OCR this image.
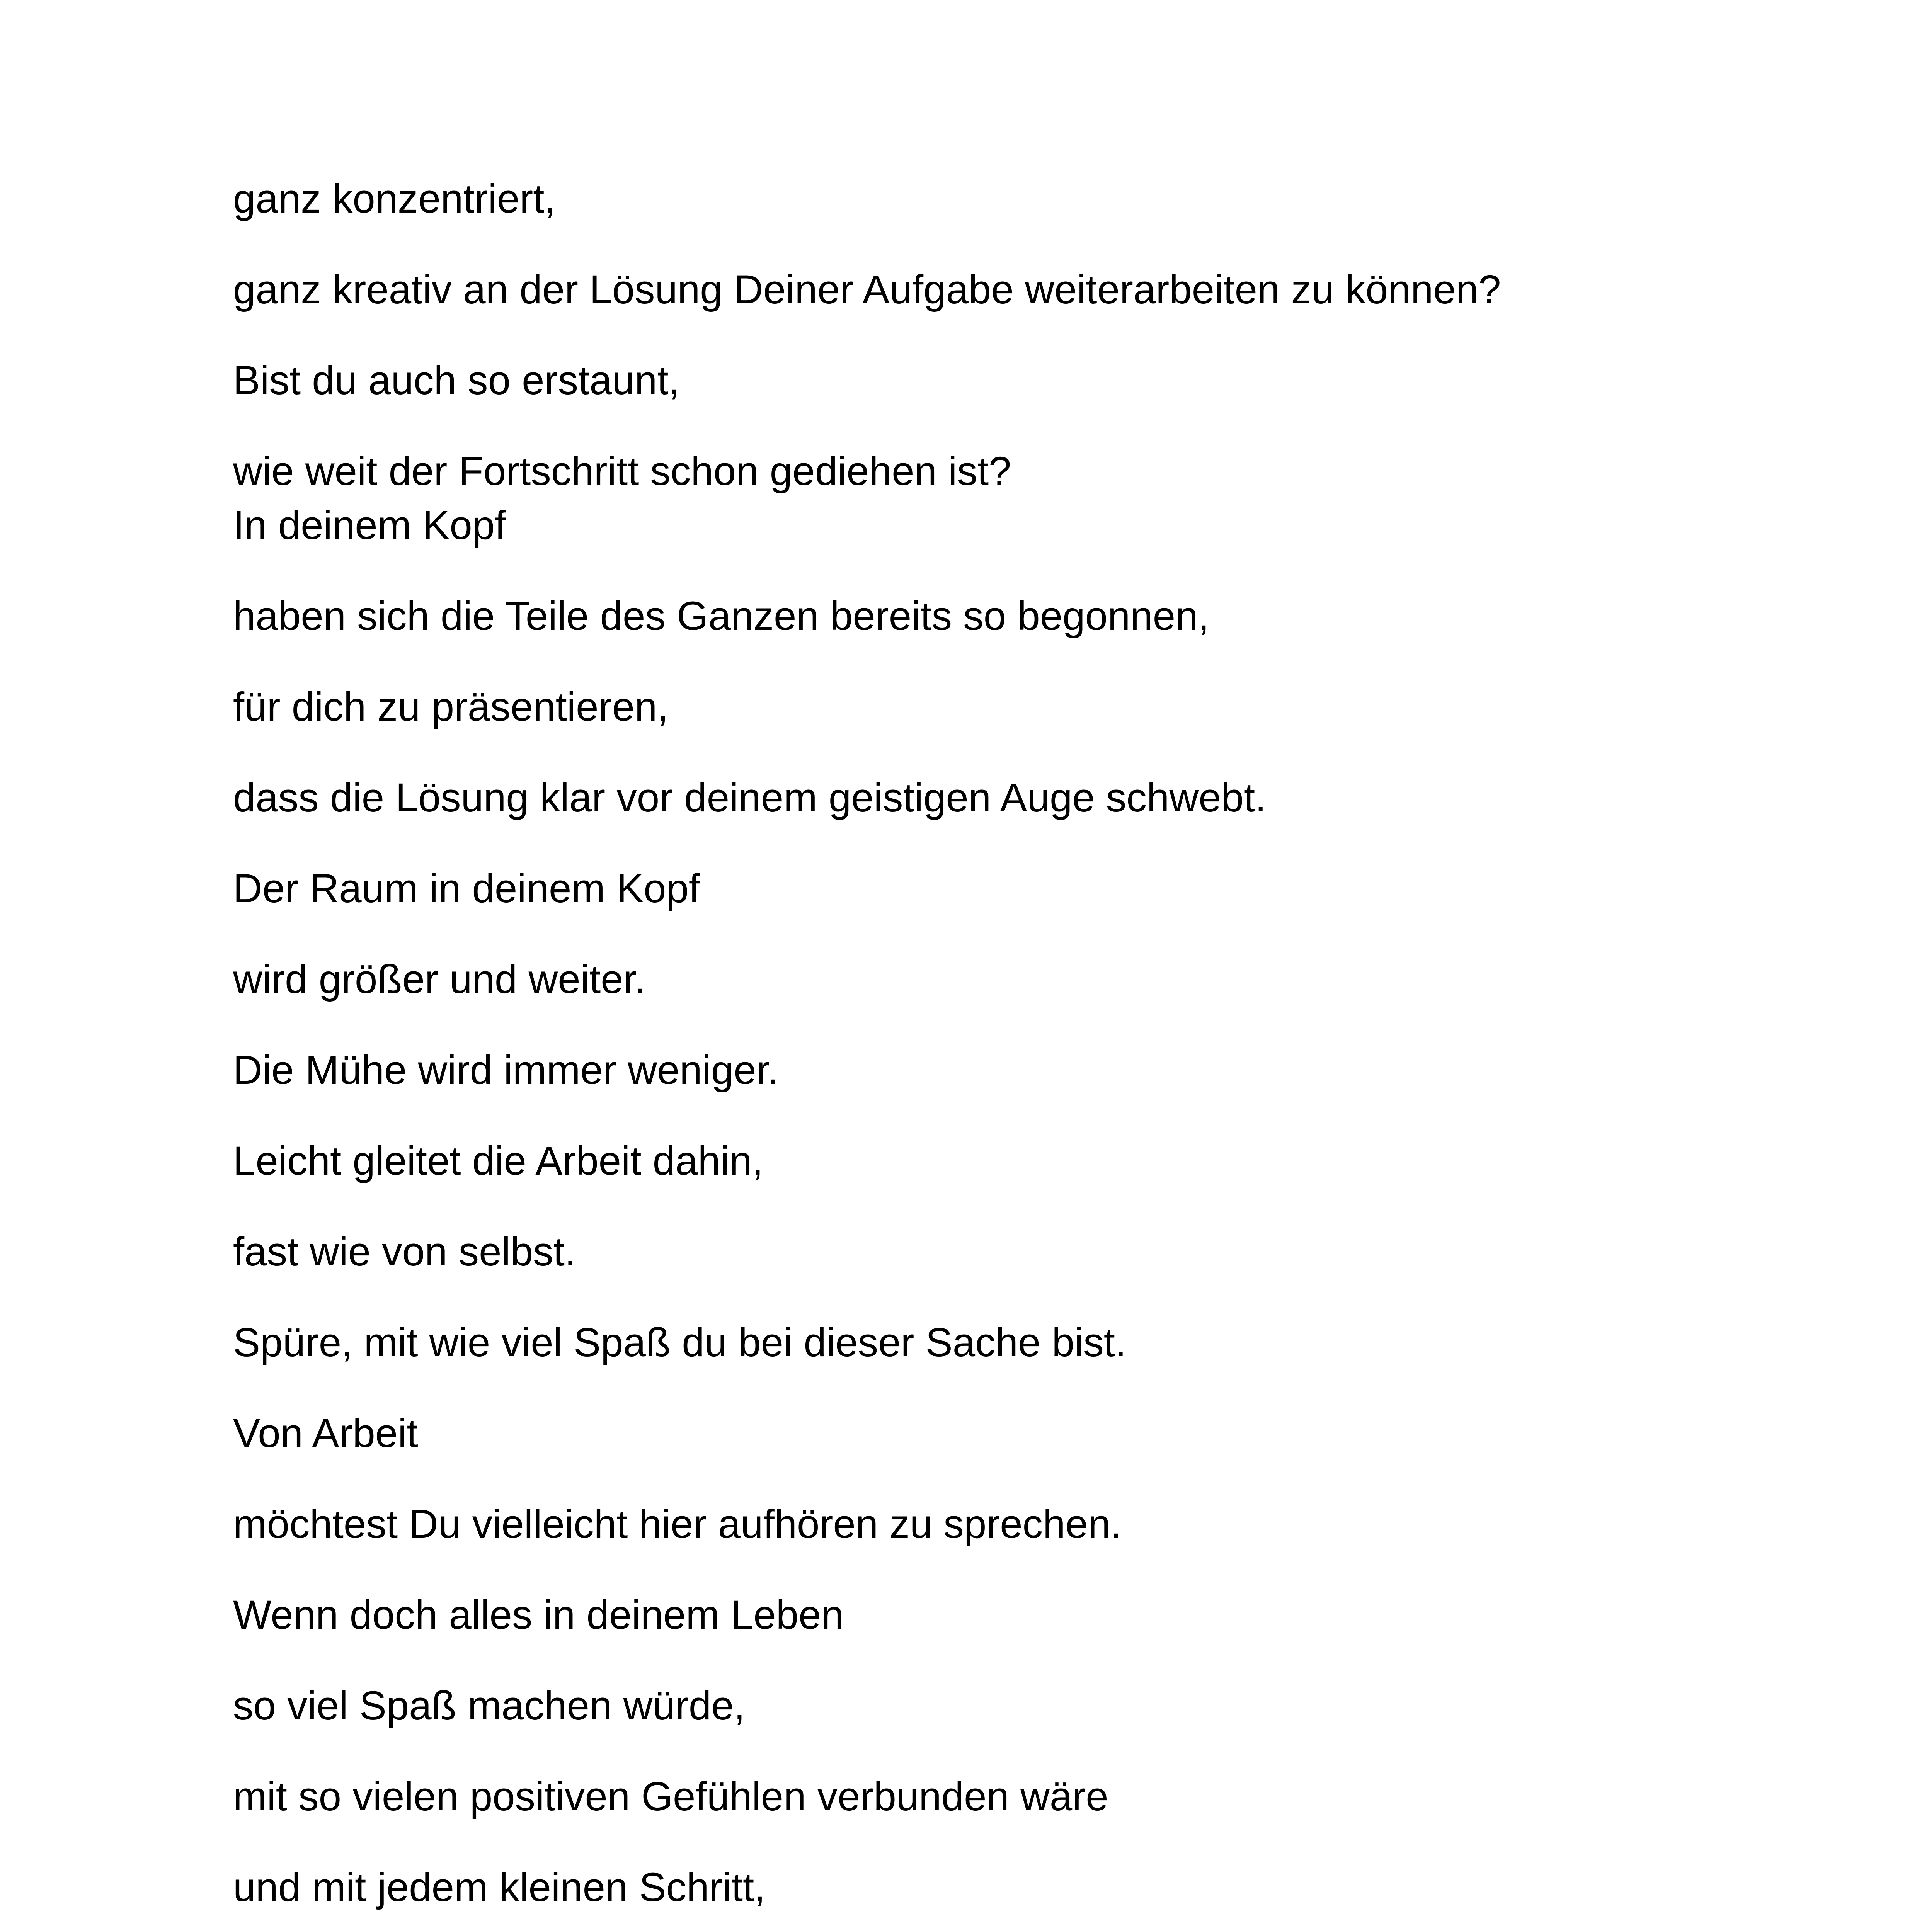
ganz konzentriert,
ganz kreativ an der Lösung Deiner Aufgabe weiterarbeiten zu können?
Bist du auch so erstaunt,
wie weit der Fortschritt schon gediehen ist?
In deinem Kopf
haben sich die Teile des Ganzen bereits so begonnen,
für dich zu präsentieren,
dass die Lösung klar vor deinem geistigen Auge schwebt.
Der Raum in deinem Kopf
wird größer und weiter.
Die Mühe wird immer weniger.
Leicht gleitet die Arbeit dahin,
fast wie von selbst.
Spüre, mit wie viel Spaß du bei dieser Sache bist.
Von Arbeit
möchtest Du vielleicht hier aufhören zu sprechen.
Wenn doch alles in deinem Leben
so viel Spaß machen würde,
mit so vielen positiven Gefühlen verbunden wäre
und mit jedem kleinen Schritt,
